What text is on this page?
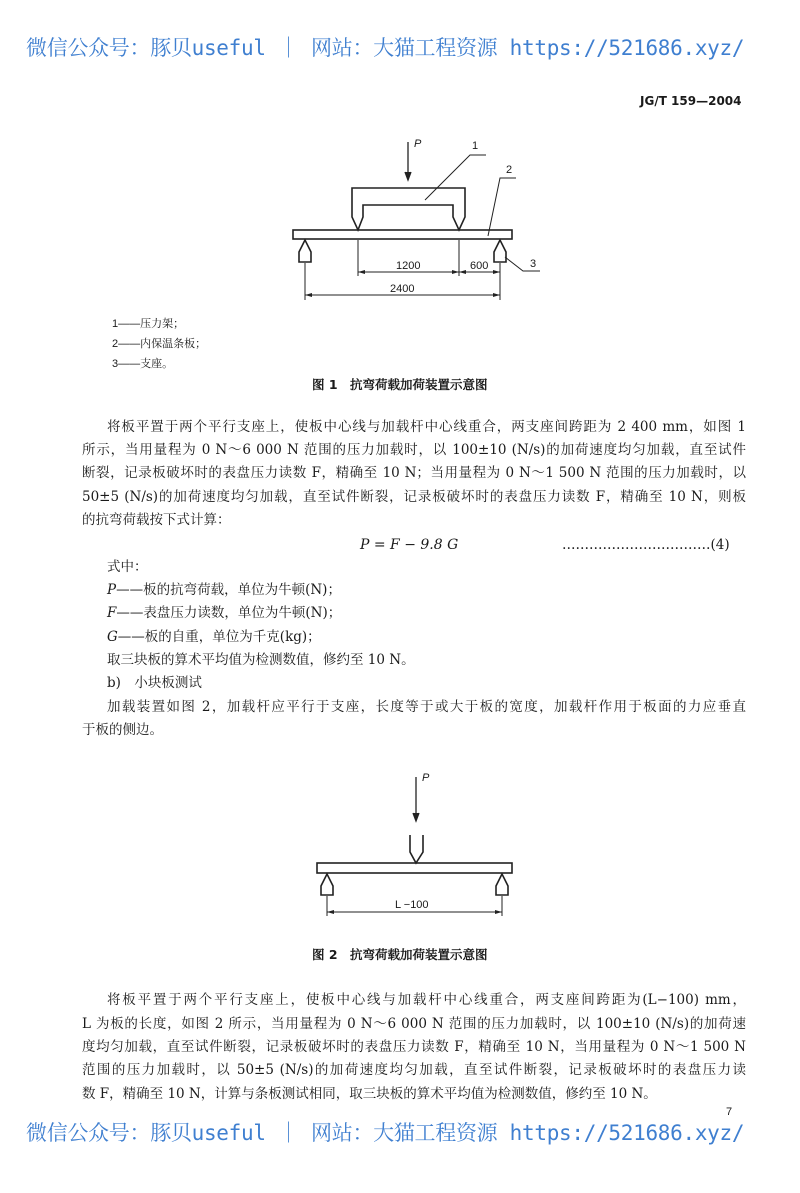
微信公众号：豚贝useful ｜ 网站：大猫工程资源 https://521686.xyz/
微信公众号：豚贝useful ｜ 网站：大猫工程资源 https://521686.xyz/
JG/T 159—2004
P	1
2
3
1200	600
2400
1——压力架；
2——内保温条板；
3——支座。
图 1　抗弯荷载加荷装置示意图
将板平置于两个平行支座上，使板中心线与加载杆中心线重合，两支座间跨距为 2 400 mm，如图 1
所示，当用量程为 0 N～6 000 N 范围的压力加载时，以 100±10 (N/s)的加荷速度均匀加载，直至试件
断裂，记录板破坏时的表盘压力读数 F，精确至 10 N；当用量程为 0 N～1 500 N 范围的压力加载时，以
50±5 (N/s)的加荷速度均匀加载，直至试件断裂，记录板破坏时的表盘压力读数 F，精确至 10 N，则板
的抗弯荷载按下式计算：
P = F − 9.8 G	……………………………(4)
式中：
P——板的抗弯荷载，单位为牛顿(N)；
F——表盘压力读数，单位为牛顿(N)；
G——板的自重，单位为千克(kg)；
取三块板的算术平均值为检测数值，修约至 10 N。
b)　小块板测试
加载装置如图 2，加载杆应平行于支座，长度等于或大于板的宽度，加载杆作用于板面的力应垂直
于板的侧边。
P
L −100
图 2　抗弯荷载加荷装置示意图
将板平置于两个平行支座上，使板中心线与加载杆中心线重合，两支座间跨距为(L−100) mm，
L 为板的长度，如图 2 所示，当用量程为 0 N～6 000 N 范围的压力加载时，以 100±10 (N/s)的加荷速
度均匀加载，直至试件断裂，记录板破坏时的表盘压力读数 F，精确至 10 N，当用量程为 0 N～1 500 N
范围的压力加载时，以 50±5 (N/s)的加荷速度均匀加载，直至试件断裂，记录板破坏时的表盘压力读
数 F，精确至 10 N，计算与条板测试相同，取三块板的算术平均值为检测数值，修约至 10 N。
7
